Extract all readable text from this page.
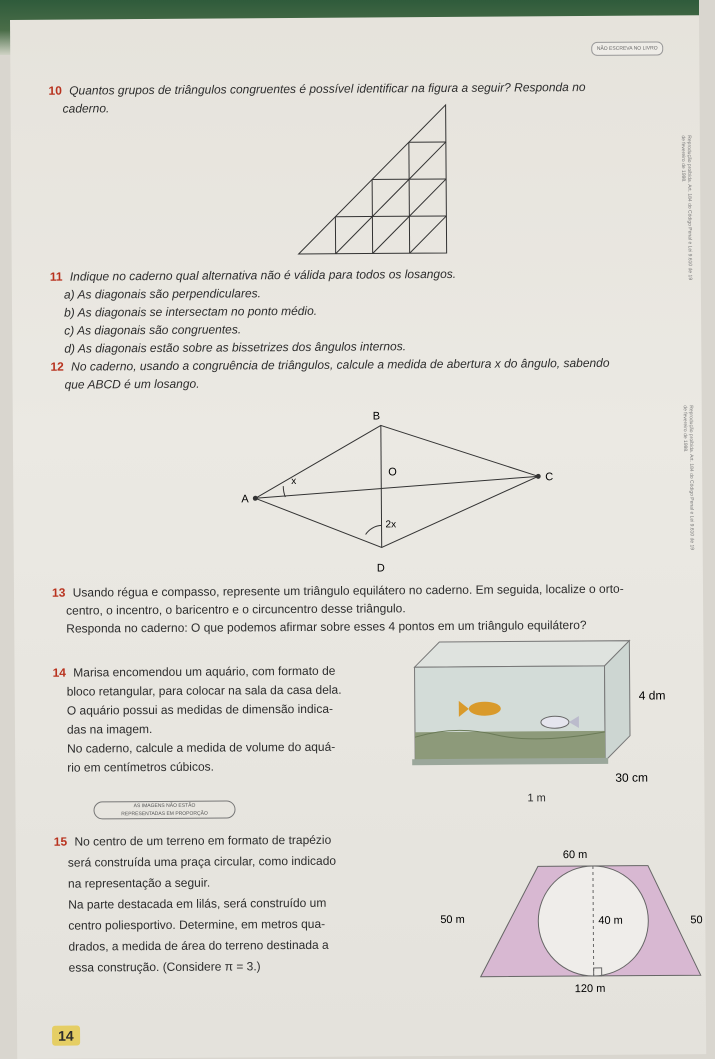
NÃO ESCREVA NO LIVRO
10 Quantos grupos de triângulos congruentes é possível identificar na figura a seguir? Responda no
caderno.
11 Indique no caderno qual alternativa não é válida para todos os losangos.
a) As diagonais são perpendiculares.
b) As diagonais se intersectam no ponto médio.
c) As diagonais são congruentes.
d) As diagonais estão sobre as bissetrizes dos ângulos internos.
12 No caderno, usando a congruência de triângulos, calcule a medida de abertura x do ângulo, sabendo
que ABCD é um losango.
B
A
C
D
O
x
2x
13 Usando régua e compasso, represente um triângulo equilátero no caderno. Em seguida, localize o orto-
centro, o incentro, o baricentro e o circuncentro desse triângulo.
Responda no caderno: O que podemos afirmar sobre esses 4 pontos em um triângulo equilátero?
14 Marisa encomendou um aquário, com formato de
bloco retangular, para colocar na sala da casa dela.
O aquário possui as medidas de dimensão indica-
das na imagem.
No caderno, calcule a medida de volume do aquá-
rio em centímetros cúbicos.
AS IMAGENS NÃO ESTÃO
REPRESENTADAS EM PROPORÇÃO
4 dm
30 cm
1 m
15 No centro de um terreno em formato de trapézio
será construída uma praça circular, como indicado
na representação a seguir.
Na parte destacada em lilás, será construído um
centro poliesportivo. Determine, em metros qua-
drados, a medida de área do terreno destinada a
essa construção. (Considere π = 3.)
60 m
50 m	40 m	50
120 m
Reprodução proibida. Art. 184 do Código Penal e Lei 9.610 de 19 de fevereiro de 1998.
Reprodução proibida. Art. 184 do Código Penal e Lei 9.610 de 19 de fevereiro de 1998.
14
